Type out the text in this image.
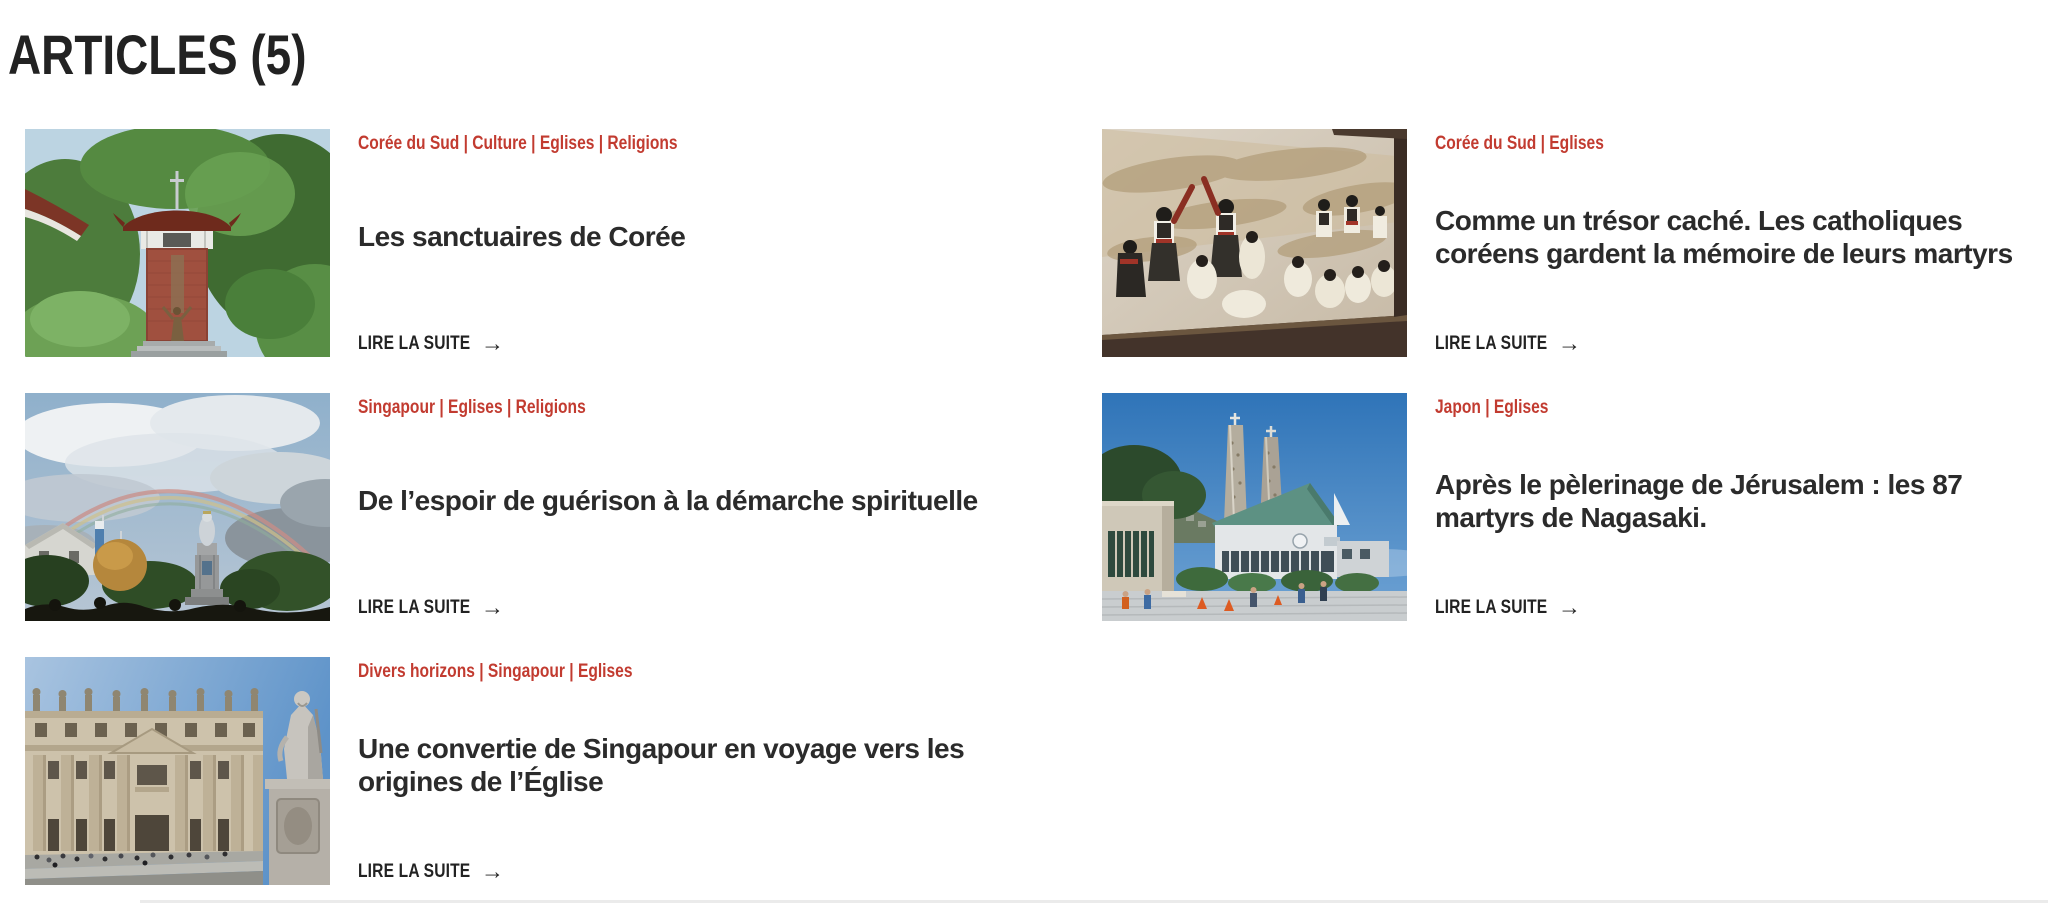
ARTICLES (5)
Corée du Sud | Culture | Eglises | Religions
Les sanctuaires de Corée
LIRE LA SUITE →
Corée du Sud | Eglises
Comme un trésor caché. Les catholiques coréens gardent la mémoire de leurs martyrs
LIRE LA SUITE →
Singapour | Eglises | Religions
De l’espoir de guérison à la démarche spirituelle
LIRE LA SUITE →
Japon | Eglises
Après le pèlerinage de Jérusalem : les 87 martyrs de Nagasaki.
LIRE LA SUITE →
Divers horizons | Singapour | Eglises
Une convertie de Singapour en voyage vers les origines de l’Église
LIRE LA SUITE →
